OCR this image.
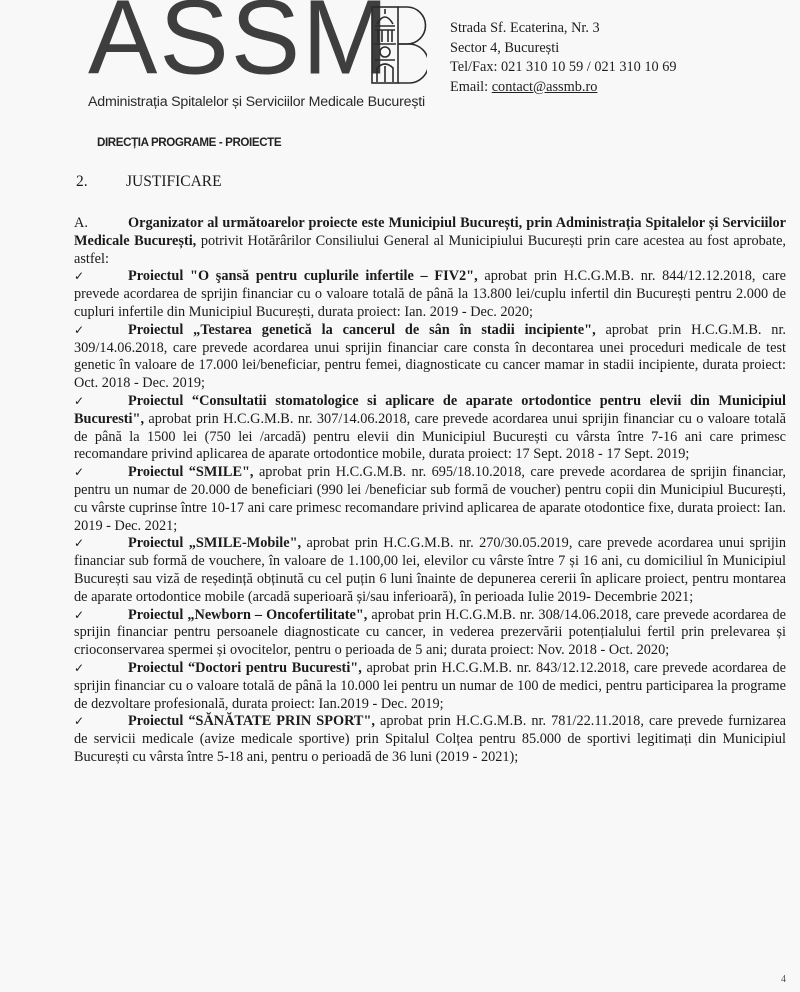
ASSM
Administrația Spitalelor și Serviciilor Medicale București
Strada Sf. Ecaterina, Nr. 3
Sector 4, București
Tel/Fax: 021 310 10 59 / 021 310 10 69
Email: contact@assmb.ro
DIRECȚIA PROGRAME - PROIECTE
2. JUSTIFICARE

A.	Organizator al următoarelor proiecte este Municipiul București, prin Administrația Spitalelor și Serviciilor Medicale București, potrivit Hotărârilor Consiliului General al Municipiului București prin care acestea au fost aprobate, astfel:

✓	Proiectul "O şansă pentru cuplurile infertile – FIV2", aprobat prin H.C.G.M.B. nr. 844/12.12.2018, care prevede acordarea de sprijin financiar cu o valoare totală de până la 13.800 lei/cuplu infertil din București pentru 2.000 de cupluri infertile din Municipiul București, durata proiect: Ian. 2019 - Dec. 2020;

✓	Proiectul „Testarea genetică la cancerul de sân în stadii incipiente", aprobat prin H.C.G.M.B. nr. 309/14.06.2018, care prevede acordarea unui sprijin financiar care consta în decontarea unei proceduri medicale de test genetic în valoare de 17.000 lei/beneficiar, pentru femei, diagnosticate cu cancer mamar in stadii incipiente, durata proiect: Oct. 2018 - Dec. 2019;

✓	Proiectul “Consultatii stomatologice si aplicare de aparate ortodontice pentru elevii din Municipiul Bucuresti", aprobat prin H.C.G.M.B. nr. 307/14.06.2018, care prevede acordarea unui sprijin financiar cu o valoare totală de până la 1500 lei (750 lei /arcadă) pentru elevii din Municipiul București cu vârsta între 7-16 ani care primesc recomandare privind aplicarea de aparate ortodontice mobile, durata proiect: 17 Sept. 2018 - 17 Sept. 2019;

✓	Proiectul “SMILE", aprobat prin H.C.G.M.B. nr. 695/18.10.2018, care prevede acordarea de sprijin financiar, pentru un numar de 20.000 de beneficiari (990 lei /beneficiar sub formă de voucher) pentru copii din Municipiul București, cu vârste cuprinse între 10-17 ani care primesc recomandare privind aplicarea de aparate otodontice fixe, durata proiect: Ian. 2019 - Dec. 2021;

✓	Proiectul „SMILE-Mobile", aprobat prin H.C.G.M.B. nr. 270/30.05.2019, care prevede acordarea unui sprijin financiar sub formă de vouchere, în valoare de 1.100,00 lei, elevilor cu vârste între 7 și 16 ani, cu domiciliul în Municipiul București sau viză de reședință obținută cu cel puțin 6 luni înainte de depunerea cererii în aplicare proiect, pentru montarea de aparate ortodontice mobile (arcadă superioară și/sau inferioară), în perioada Iulie 2019- Decembrie 2021;

✓	Proiectul „Newborn – Oncofertilitate", aprobat prin H.C.G.M.B. nr. 308/14.06.2018, care prevede acordarea de sprijin financiar pentru persoanele diagnosticate cu cancer, in vederea prezervării potențialului fertil prin prelevarea și crioconservarea spermei și ovocitelor, pentru o perioada de 5 ani; durata proiect: Nov. 2018 - Oct. 2020;

✓	Proiectul “Doctori pentru Bucuresti", aprobat prin H.C.G.M.B. nr. 843/12.12.2018, care prevede acordarea de sprijin financiar cu o valoare totală de până la 10.000 lei pentru un numar de 100 de medici, pentru participarea la programe de dezvoltare profesională, durata proiect: Ian.2019 - Dec. 2019;

✓	Proiectul “SĂNĂTATE PRIN SPORT", aprobat prin H.C.G.M.B. nr. 781/22.11.2018, care prevede furnizarea de servicii medicale (avize medicale sportive) prin Spitalul Colțea pentru 85.000 de sportivi legitimați din Municipiul București cu vârsta între 5-18 ani, pentru o perioadă de 36 luni (2019 - 2021);

4
